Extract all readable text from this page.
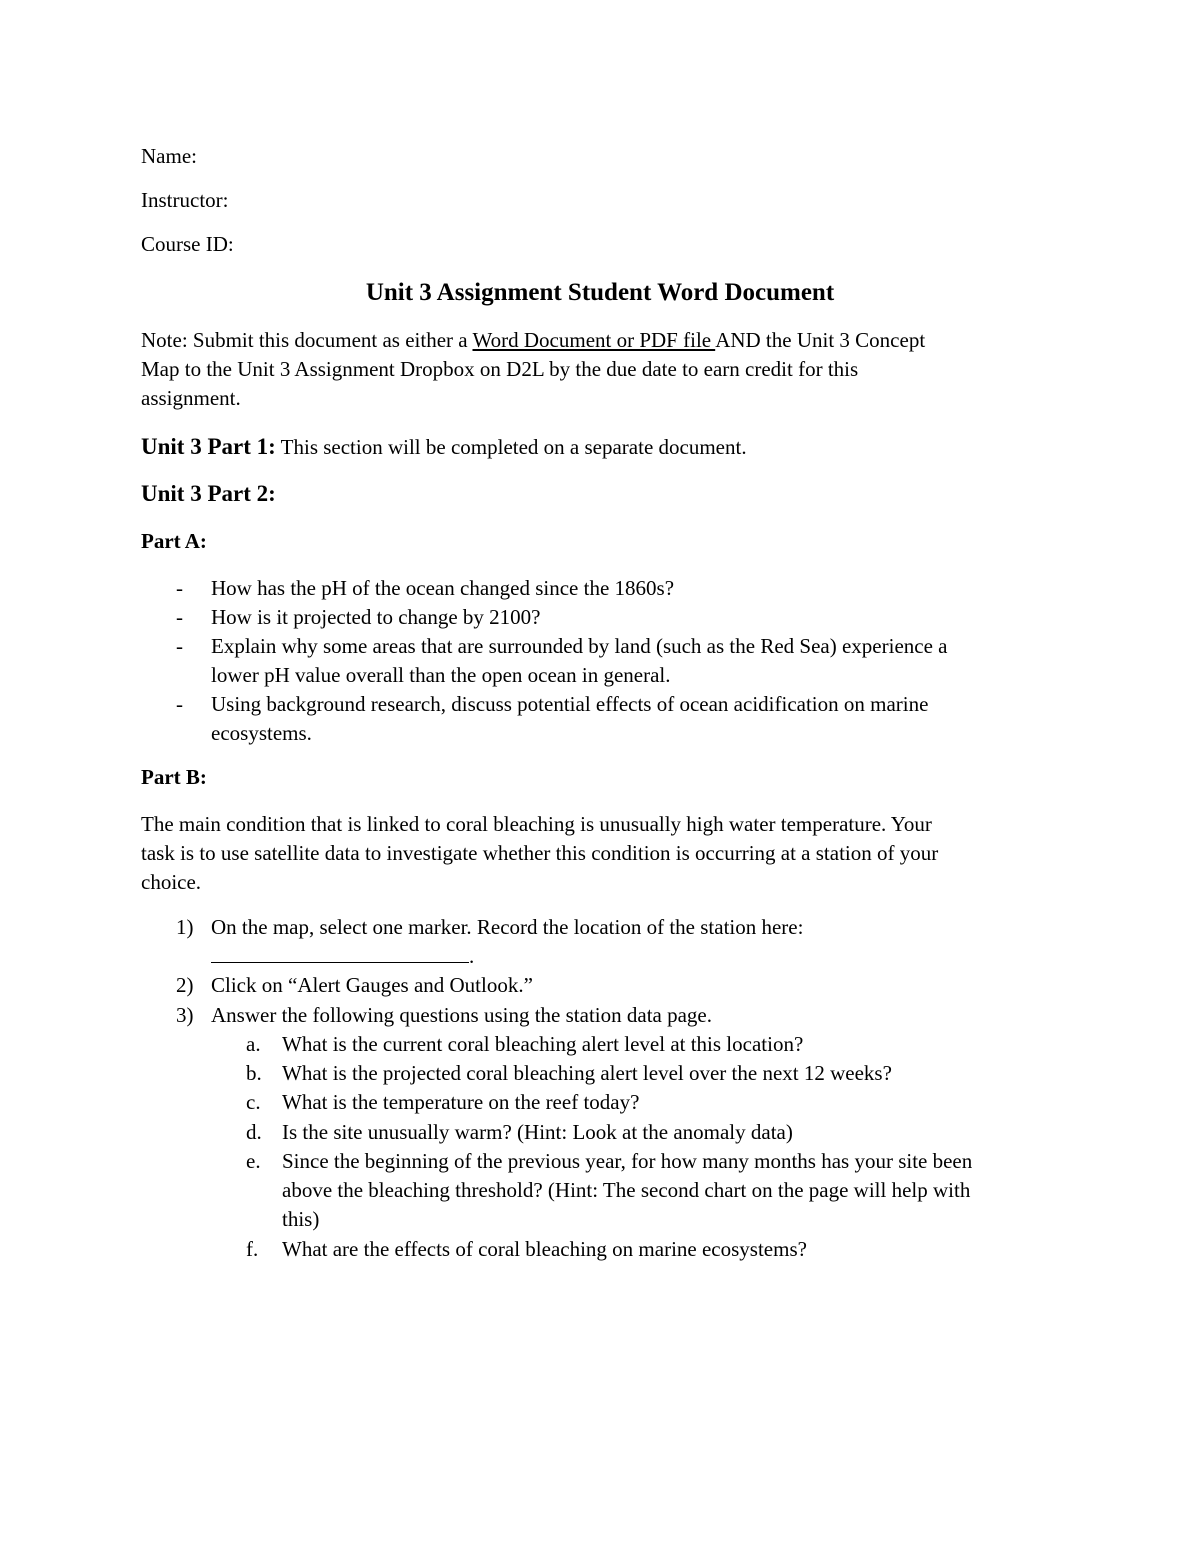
Name:
Instructor:
Course ID:
Unit 3 Assignment Student Word Document
Note: Submit this document as either a Word Document or PDF file AND the Unit 3 Concept
Map to the Unit 3 Assignment Dropbox on D2L by the due date to earn credit for this
assignment.
Unit 3 Part 1: This section will be completed on a separate document.
Unit 3 Part 2:
Part A:
- How has the pH of the ocean changed since the 1860s?
- How is it projected to change by 2100?
- Explain why some areas that are surrounded by land (such as the Red Sea) experience a
lower pH value overall than the open ocean in general.
- Using background research, discuss potential effects of ocean acidification on marine
ecosystems.
Part B:
The main condition that is linked to coral bleaching is unusually high water temperature. Your
task is to use satellite data to investigate whether this condition is occurring at a station of your
choice.
1) On the map, select one marker. Record the location of the station here:
.
2) Click on “Alert Gauges and Outlook.”
3) Answer the following questions using the station data page.
a. What is the current coral bleaching alert level at this location?
b. What is the projected coral bleaching alert level over the next 12 weeks?
c. What is the temperature on the reef today?
d. Is the site unusually warm? (Hint: Look at the anomaly data)
e. Since the beginning of the previous year, for how many months has your site been
above the bleaching threshold? (Hint: The second chart on the page will help with
this)
f. What are the effects of coral bleaching on marine ecosystems?
